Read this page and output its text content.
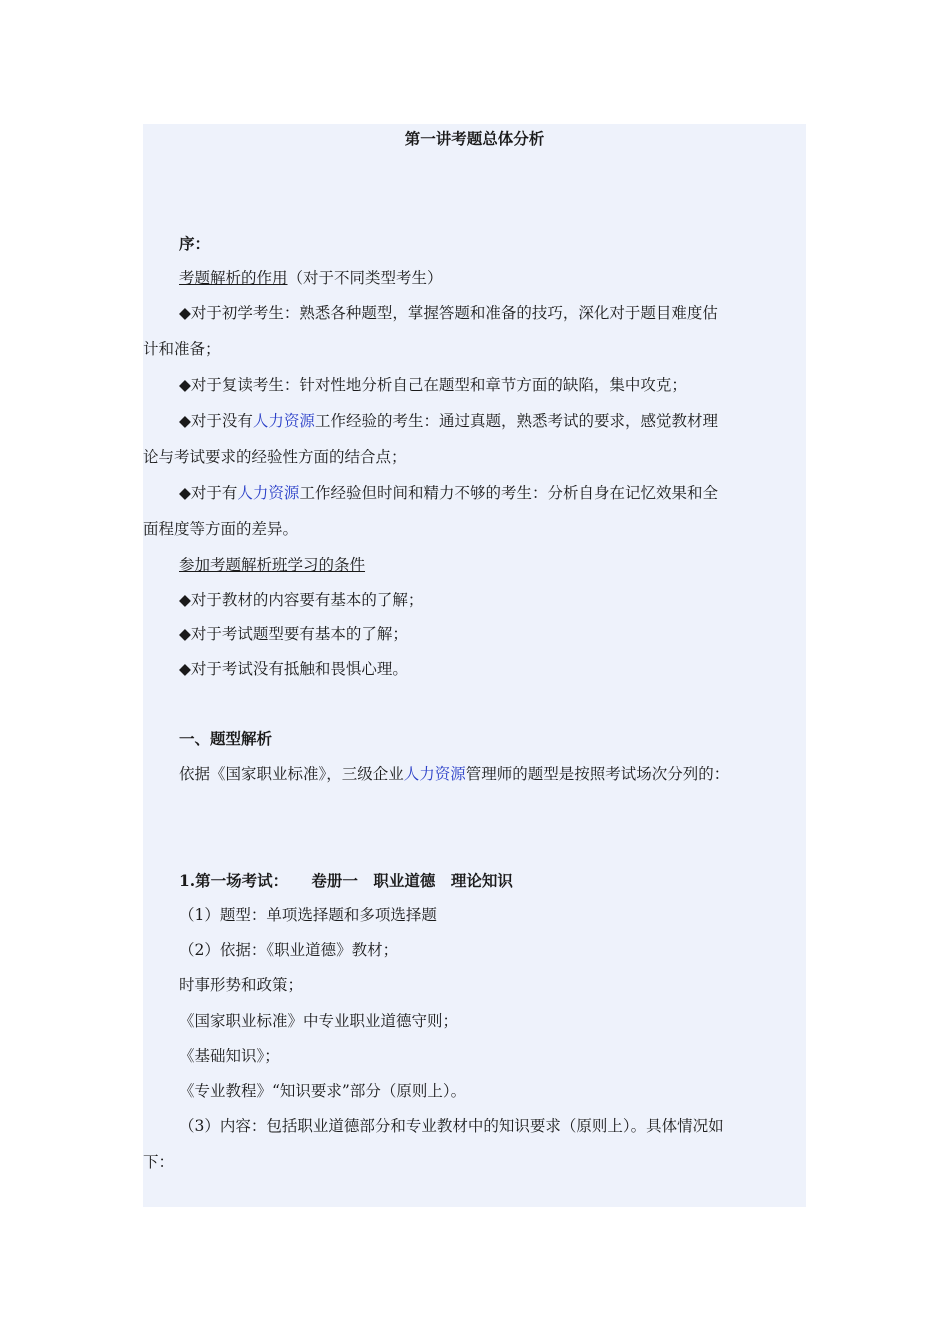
第一讲考题总体分析
序：
考题解析的作用（对于不同类型考生）
◆对于初学考生：熟悉各种题型，掌握答题和准备的技巧，深化对于题目难度估
计和准备；
◆对于复读考生：针对性地分析自己在题型和章节方面的缺陷，集中攻克；
◆对于没有人力资源工作经验的考生：通过真题，熟悉考试的要求，感觉教材理
论与考试要求的经验性方面的结合点；
◆对于有人力资源工作经验但时间和精力不够的考生：分析自身在记忆效果和全
面程度等方面的差异。
参加考题解析班学习的条件
◆对于教材的内容要有基本的了解；
◆对于考试题型要有基本的了解；
◆对于考试没有抵触和畏惧心理。
一、题型解析
依据《国家职业标准》，三级企业人力资源管理师的题型是按照考试场次分列的：
1.第一场考试：　　卷册一　职业道德　理论知识
（1）题型：单项选择题和多项选择题
（2）依据：《职业道德》教材；
时事形势和政策；
《国家职业标准》中专业职业道德守则；
《基础知识》；
《专业教程》“知识要求”部分（原则上）。
（3）内容：包括职业道德部分和专业教材中的知识要求（原则上）。具体情况如
下：
